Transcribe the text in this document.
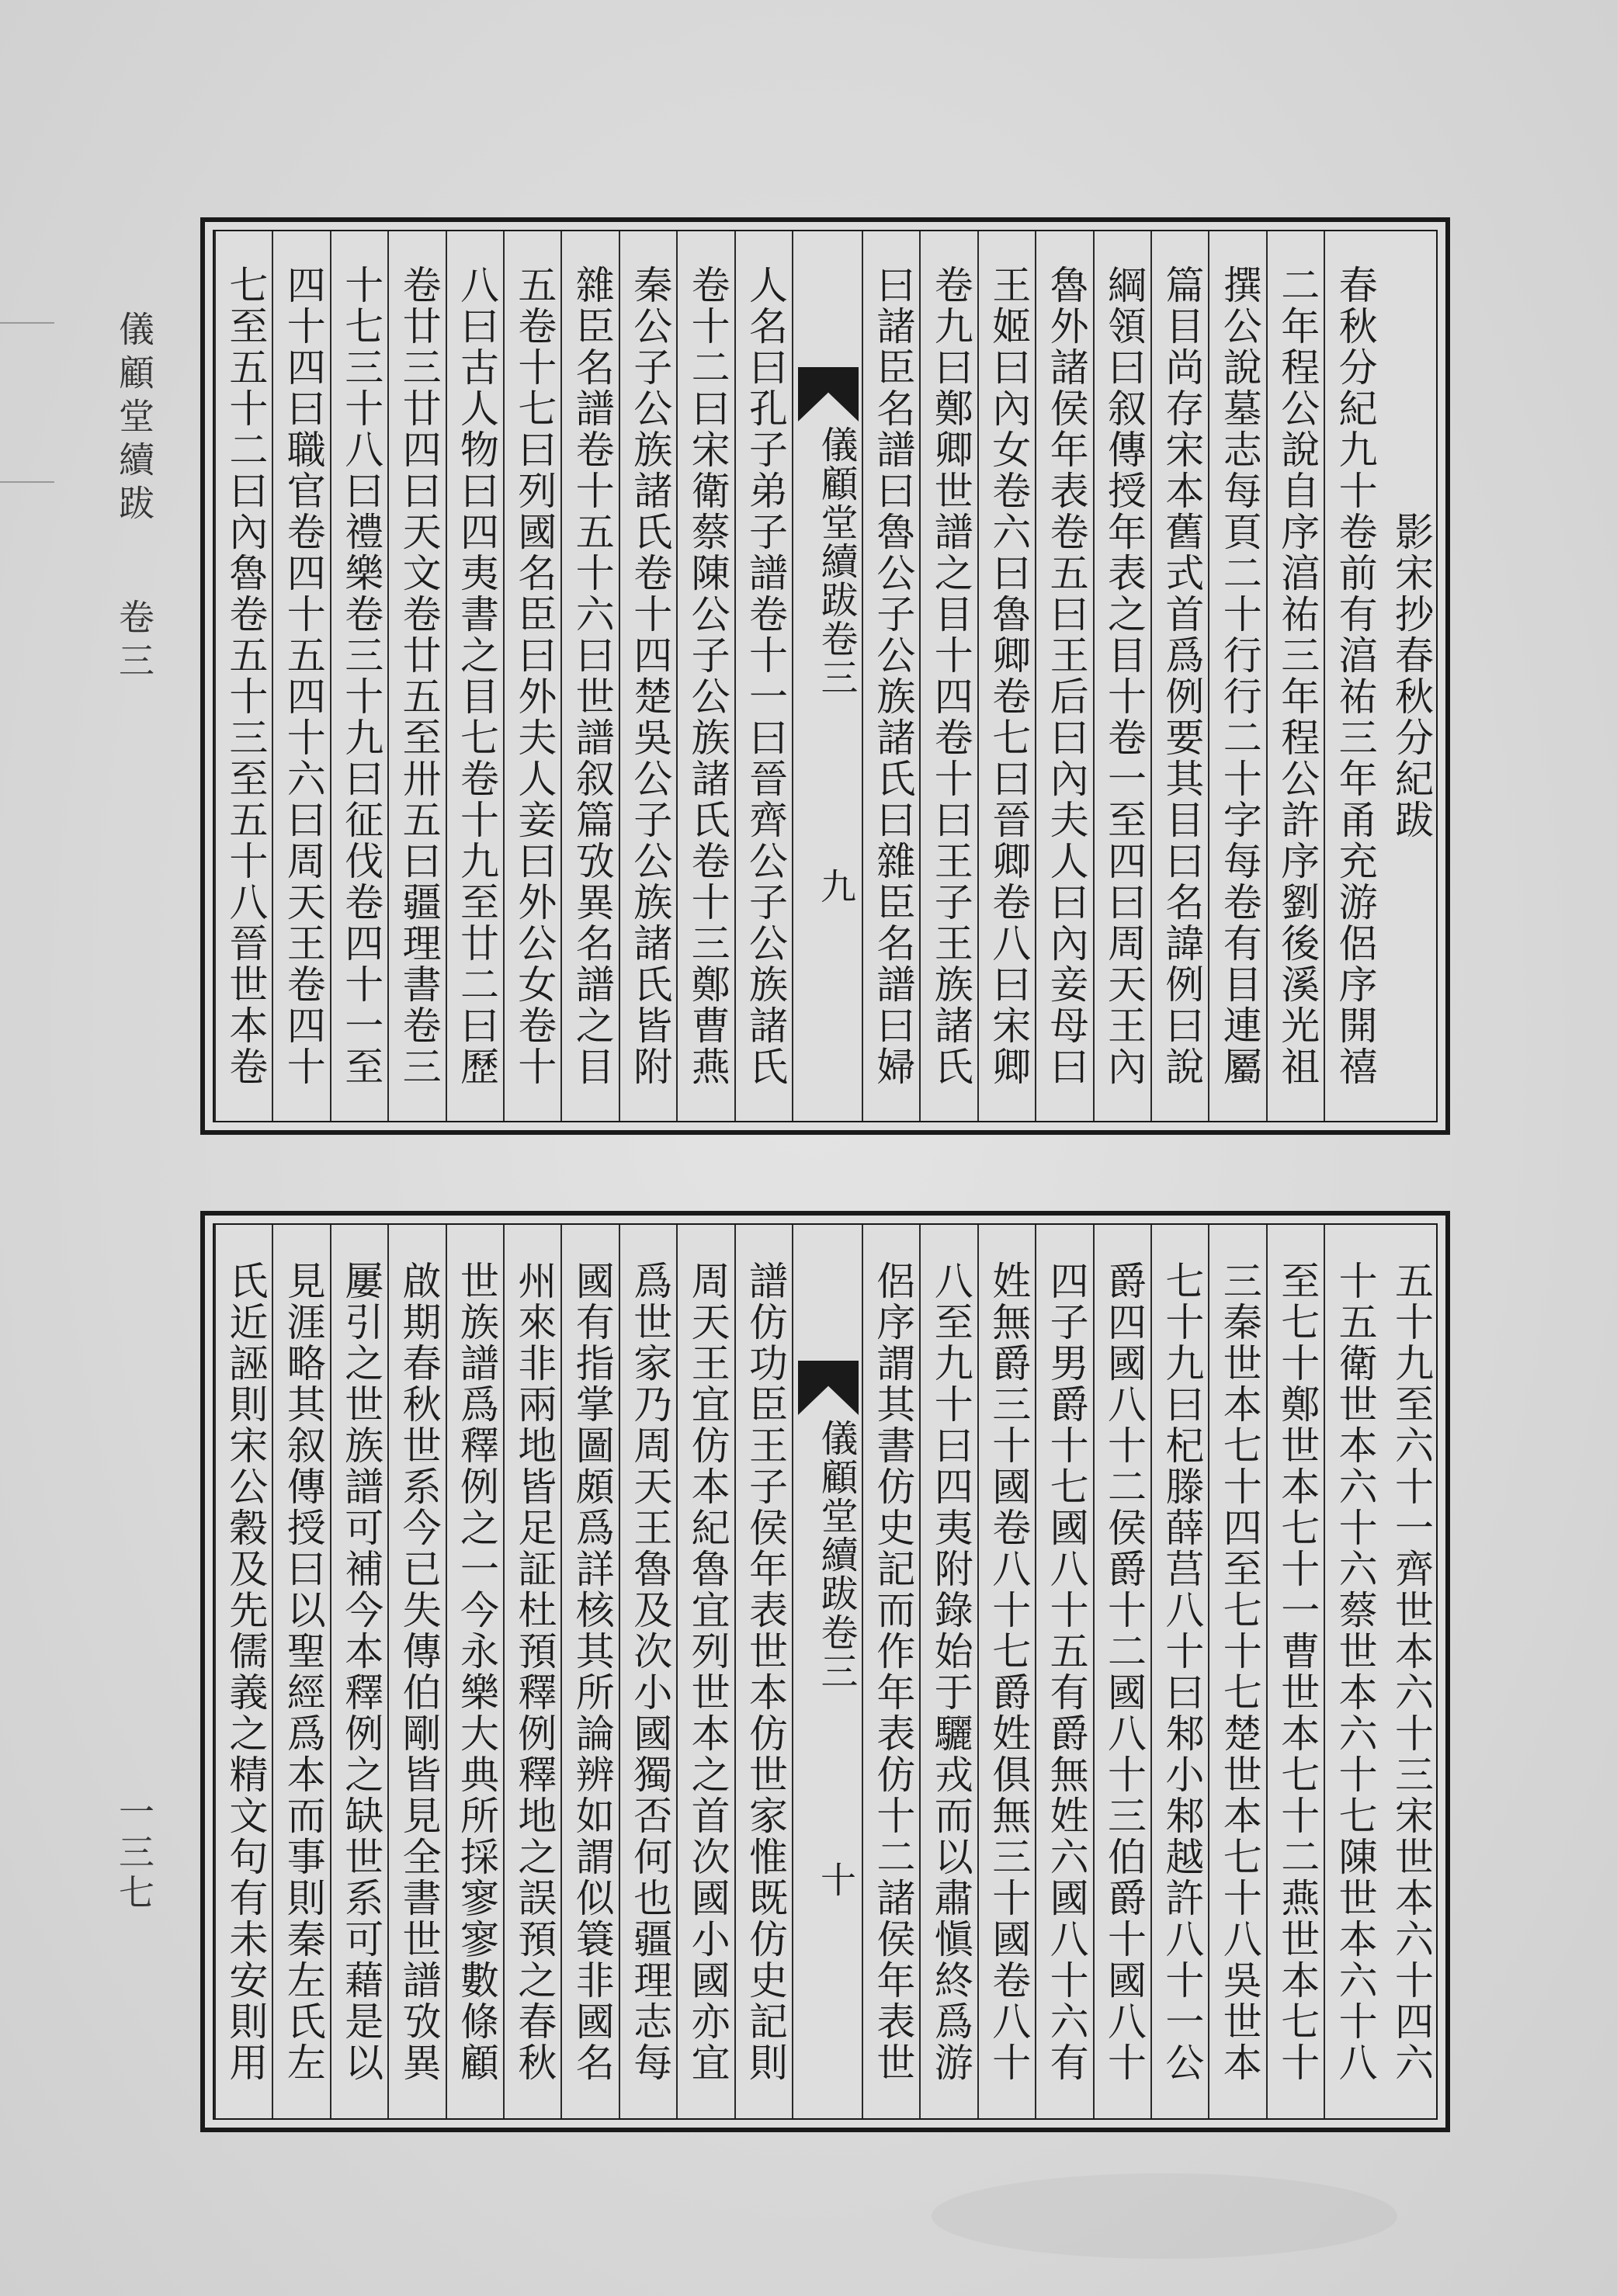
儀顧堂續跋  卷三
一三七
影宋抄春秋分紀跋
春秋分紀九十卷前有湻祐三年甬充游侶序開禧
二年程公說自序湻祐三年程公許序劉後溪光祖
撰公說墓志每頁二十行行二十字每卷有目連屬
篇目尚存宋本舊式首爲例要其目曰名諱例曰說
綱領曰叙傳授年表之目十卷一至四曰周天王內
魯外諸侯年表卷五曰王后曰內夫人曰內妾母曰
王姬曰內女卷六曰魯卿卷七曰晉卿卷八曰宋卿
卷九曰鄭卿世譜之目十四卷十曰王子王族諸氏
曰諸臣名譜曰魯公子公族諸氏曰雜臣名譜曰婦
儀顧堂續跋卷三
九
人名曰孔子弟子譜卷十一曰晉齊公子公族諸氏
卷十二曰宋衛蔡陳公子公族諸氏卷十三鄭曹燕
秦公子公族諸氏卷十四楚吳公子公族諸氏皆附
雜臣名譜卷十五十六曰世譜叙篇攷異名譜之目
五卷十七曰列國名臣曰外夫人妾曰外公女卷十
八曰古人物曰四夷書之目七卷十九至廿二曰歷
卷廿三廿四曰天文卷廿五至卅五曰疆理書卷三
十七三十八曰禮樂卷三十九曰征伐卷四十一至
四十四曰職官卷四十五四十六曰周天王卷四十
七至五十二曰內魯卷五十三至五十八晉世本卷
五十九至六十一齊世本六十三宋世本六十四六
十五衛世本六十六蔡世本六十七陳世本六十八
至七十鄭世本七十一曹世本七十二燕世本七十
三秦世本七十四至七十七楚世本七十八吳世本
七十九曰杞滕薛莒八十曰邾小邾越許八十一公
爵四國八十二侯爵十二國八十三伯爵十國八十
四子男爵十七國八十五有爵無姓六國八十六有
姓無爵三十國卷八十七爵姓俱無三十國卷八十
八至九十曰四夷附錄始于驪戎而以肅愼終爲游
侶序謂其書仿史記而作年表仿十二諸侯年表世
儀顧堂續跋卷三
十
譜仿功臣王子侯年表世本仿世家惟既仿史記則
周天王宜仿本紀魯宜列世本之首次國小國亦宜
爲世家乃周天王魯及次小國獨否何也疆理志每
國有指掌圖頗爲詳核其所論辨如謂似簑非國名
州來非兩地皆足証杜預釋例釋地之誤預之春秋
世族譜爲釋例之一今永樂大典所採寥寥數條顧
啟期春秋世系今已失傳伯剛皆見全書世譜攷異
屢引之世族譜可補今本釋例之缺世系可藉是以
見涯略其叙傳授曰以聖經爲本而事則秦左氏左
氏近誣則宋公穀及先儒義之精文句有未安則用
